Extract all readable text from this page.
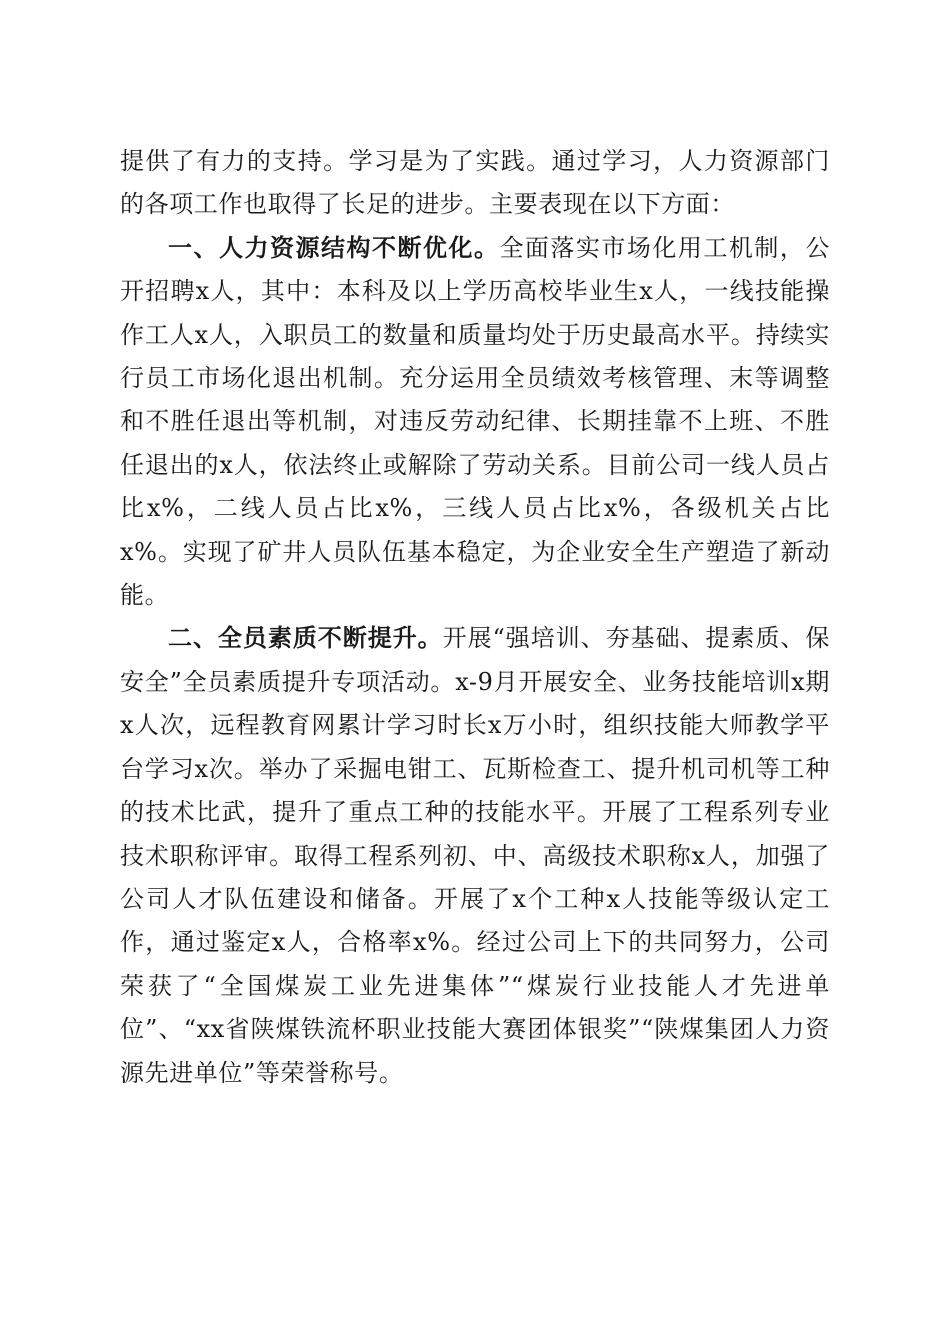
提供了有力的支持。学习是为了实践。通过学习，人力资源部门的各项工作也取得了长足的进步。主要表现在以下方面：

一、人力资源结构不断优化。全面落实市场化用工机制，公开招聘x人，其中：本科及以上学历高校毕业生x人，一线技能操作工人x人，入职员工的数量和质量均处于历史最高水平。持续实行员工市场化退出机制。充分运用全员绩效考核管理、末等调整和不胜任退出等机制，对违反劳动纪律、长期挂靠不上班、不胜任退出的x人，依法终止或解除了劳动关系。目前公司一线人员占比x%，二线人员占比x%，三线人员占比x%，各级机关占比x%。实现了矿井人员队伍基本稳定，为企业安全生产塑造了新动能。

二、全员素质不断提升。开展“强培训、夯基础、提素质、保安全”全员素质提升专项活动。x-9月开展安全、业务技能培训x期x人次，远程教育网累计学习时长x万小时，组织技能大师教学平台学习x次。举办了采掘电钳工、瓦斯检查工、提升机司机等工种的技术比武，提升了重点工种的技能水平。开展了工程系列专业技术职称评审。取得工程系列初、中、高级技术职称x人，加强了公司人才队伍建设和储备。开展了x个工种x人技能等级认定工作，通过鉴定x人，合格率x%。经过公司上下的共同努力，公司荣获了“全国煤炭工业先进集体”“煤炭行业技能人才先进单位”、“xx省陕煤铁流杯职业技能大赛团体银奖”“陕煤集团人力资源先进单位”等荣誉称号。
